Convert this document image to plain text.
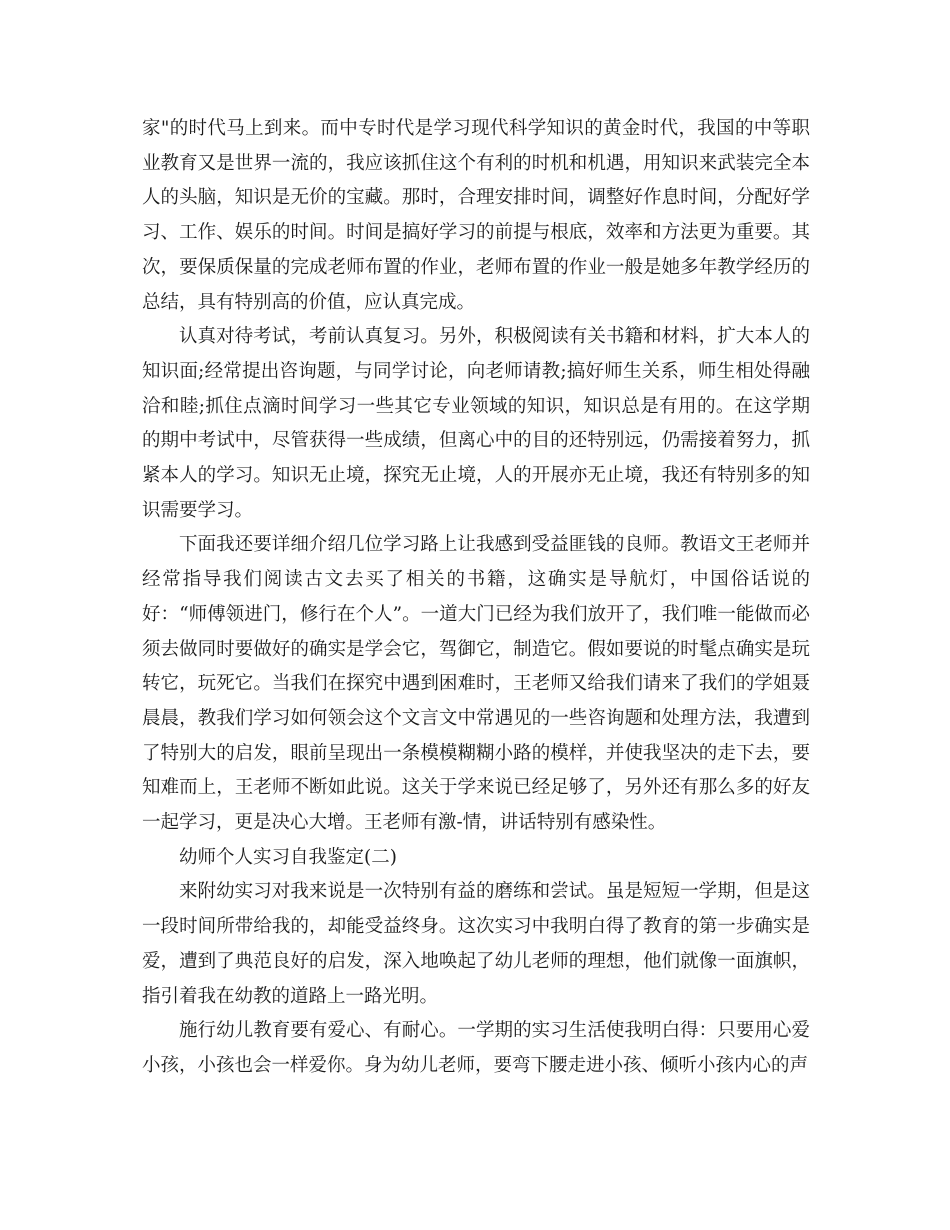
家"的时代马上到来。而中专时代是学习现代科学知识的黄金时代，我国的中等职业教育又是世界一流的，我应该抓住这个有利的时机和机遇，用知识来武装完全本人的头脑，知识是无价的宝藏。那时，合理安排时间，调整好作息时间，分配好学习、工作、娱乐的时间。时间是搞好学习的前提与根底，效率和方法更为重要。其次，要保质保量的完成老师布置的作业，老师布置的作业一般是她多年教学经历的总结，具有特别高的价值，应认真完成。

认真对待考试，考前认真复习。另外，积极阅读有关书籍和材料，扩大本人的知识面;经常提出咨询题，与同学讨论，向老师请教;搞好师生关系，师生相处得融洽和睦;抓住点滴时间学习一些其它专业领域的知识，知识总是有用的。在这学期的期中考试中，尽管获得一些成绩，但离心中的目的还特别远，仍需接着努力，抓紧本人的学习。知识无止境，探究无止境，人的开展亦无止境，我还有特别多的知识需要学习。

下面我还要详细介绍几位学习路上让我感到受益匪钱的良师。教语文王老师并经常指导我们阅读古文去买了相关的书籍，这确实是导航灯，中国俗话说的好：“师傅领进门，修行在个人”。一道大门已经为我们放开了，我们唯一能做而必须去做同时要做好的确实是学会它，驾御它，制造它。假如要说的时髦点确实是玩转它，玩死它。当我们在探究中遇到困难时，王老师又给我们请来了我们的学姐聂晨晨，教我们学习如何领会这个文言文中常遇见的一些咨询题和处理方法，我遭到了特别大的启发，眼前呈现出一条模模糊糊小路的模样，并使我坚决的走下去，要知难而上，王老师不断如此说。这关于学来说已经足够了，另外还有那么多的好友一起学习，更是决心大增。王老师有激-情，讲话特别有感染性。

幼师个人实习自我鉴定(二)

来附幼实习对我来说是一次特别有益的磨练和尝试。虽是短短一学期，但是这一段时间所带给我的，却能受益终身。这次实习中我明白得了教育的第一步确实是爱，遭到了典范良好的启发，深入地唤起了幼儿老师的理想，他们就像一面旗帜，指引着我在幼教的道路上一路光明。

施行幼儿教育要有爱心、有耐心。一学期的实习生活使我明白得：只要用心爱小孩，小孩也会一样爱你。身为幼儿老师，要弯下腰走进小孩、倾听小孩内心的声
